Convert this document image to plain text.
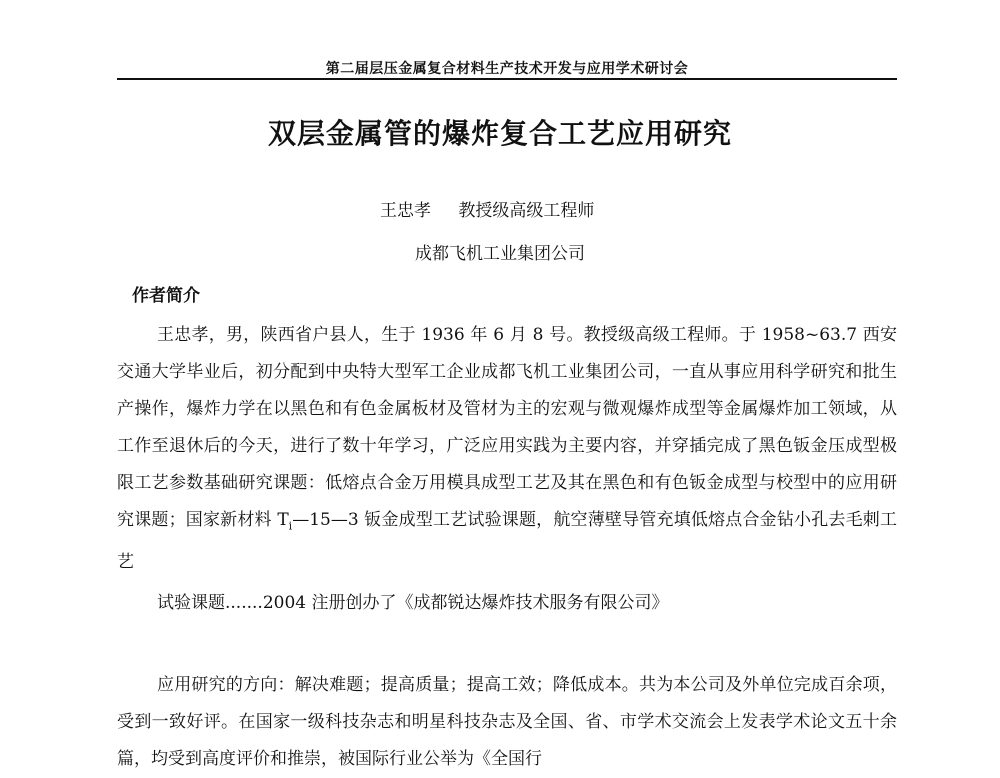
第二届层压金属复合材料生产技术开发与应用学术研讨会
双层金属管的爆炸复合工艺应用研究
王忠孝 教授级高级工程师
成都飞机工业集团公司
作者简介

王忠孝，男，陕西省户县人，生于 1936 年 6 月 8 号。教授级高级工程师。于 1958~63.7 西安交通大学毕业后，初分配到中央特大型军工企业成都飞机工业集团公司，一直从事应用科学研究和批生产操作，爆炸力学在以黑色和有色金属板材及管材为主的宏观与微观爆炸成型等金属爆炸加工领域，从工作至退休后的今天，进行了数十年学习，广泛应用实践为主要内容，并穿插完成了黑色钣金压成型极限工艺参数基础研究课题：低熔点合金万用模具成型工艺及其在黑色和有色钣金成型与校型中的应用研究课题；国家新材料 $T_i—15—3$ 钣金成型工艺试验课题，航空薄壁导管充填低熔点合金钻小孔去毛刺工艺
试验课题.......2004 注册创办了《成都锐达爆炸技术服务有限公司》

应用研究的方向：解决难题；提高质量；提高工效；降低成本。共为本公司及外单位完成百余项，受到一致好评。在国家一级科技杂志和明星科技杂志及全国、省、市学术交流会上发表学术论文五十余篇，均受到高度评价和推崇，被国际行业公举为《全国行
